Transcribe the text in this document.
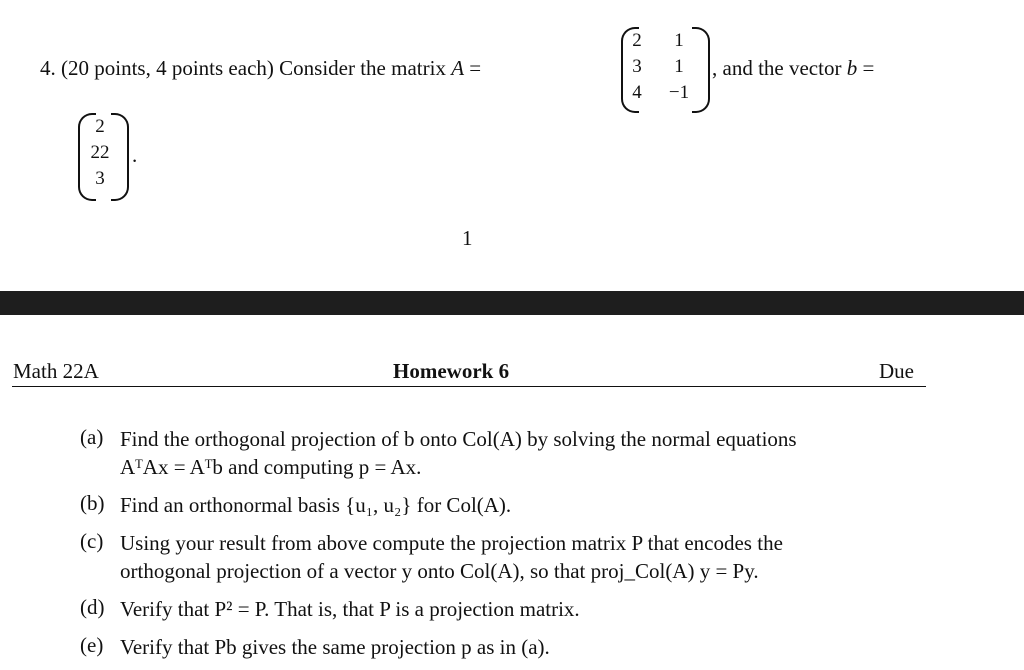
4. (20 points, 4 points each) Consider the matrix A =
2	1
3	1
4	−1
, and the vector b =
2
22
3
.
1
Math 22A	Homework 6	Due
(a) Find the orthogonal projection of b onto Col(A) by solving the normal equations
AᵀAx = Aᵀb and computing p = Ax.
(b) Find an orthonormal basis {u₁, u₂} for Col(A).
(c) Using your result from above compute the projection matrix P that encodes the
orthogonal projection of a vector y onto Col(A), so that proj_Col(A) y = Py.
(d) Verify that P² = P. That is, that P is a projection matrix.
(e) Verify that Pb gives the same projection p as in (a).
